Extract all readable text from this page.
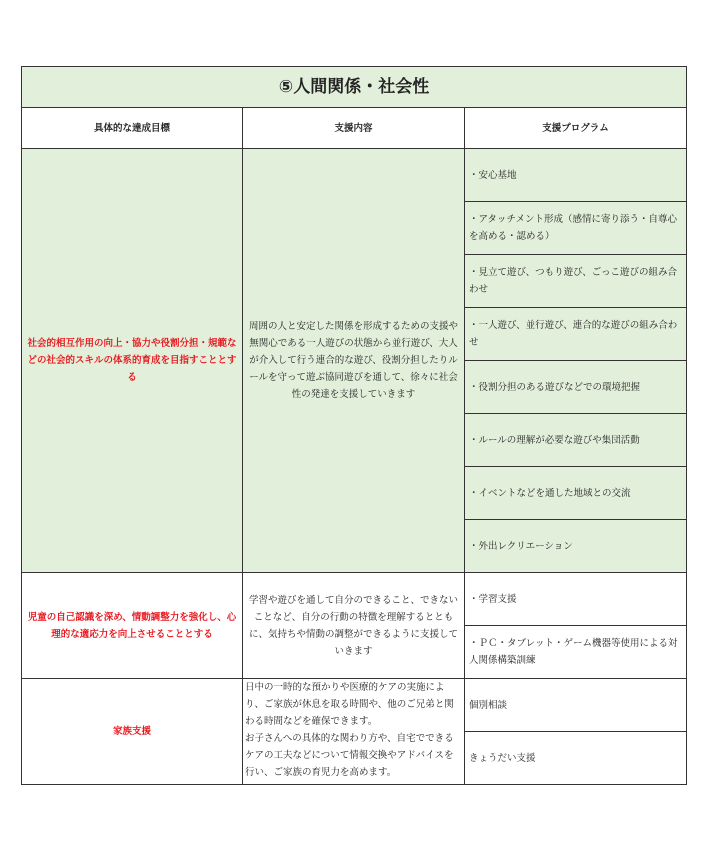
⑤人間関係・社会性		
具体的な達成目標	支援内容	支援プログラム
社会的相互作用の向上・協力や役割分担・規範などの社会的スキルの体系的育成を目指すこととする	周囲の人と安定した関係を形成するための支援や無関心である一人遊びの状態から並行遊び、大人が介入して行う連合的な遊び、役割分担したりルールを守って遊ぶ協同遊びを通して、徐々に社会性の発達を支援していきます	・安心基地
		・アタッチメント形成（感情に寄り添う・自尊心を高める・認める）
		・見立て遊び、つもり遊び、ごっこ遊びの組み合わせ
		・一人遊び、並行遊び、連合的な遊びの組み合わせ
		・役割分担のある遊びなどでの環境把握
		・ルールの理解が必要な遊びや集団活動
		・イベントなどを通した地域との交流
		・外出レクリエーション
児童の自己認識を深め、情動調整力を強化し、心理的な適応力を向上させることとする	学習や遊びを通して自分のできること、できないことなど、自分の行動の特徴を理解するとともに、気持ちや情動の調整ができるように支援していきます	・学習支援
		・ＰＣ・タブレット・ゲーム機器等使用による対人関係構築訓練
家族支援	日中の一時的な預かりや医療的ケアの実施により、ご家族が休息を取る時間や、他のご兄弟と関わる時間などを確保できます。
お子さんへの具体的な関わり方や、自宅でできるケアの工夫などについて情報交換やアドバイスを行い、ご家族の育児力を高めます。	個別相談
		きょうだい支援
